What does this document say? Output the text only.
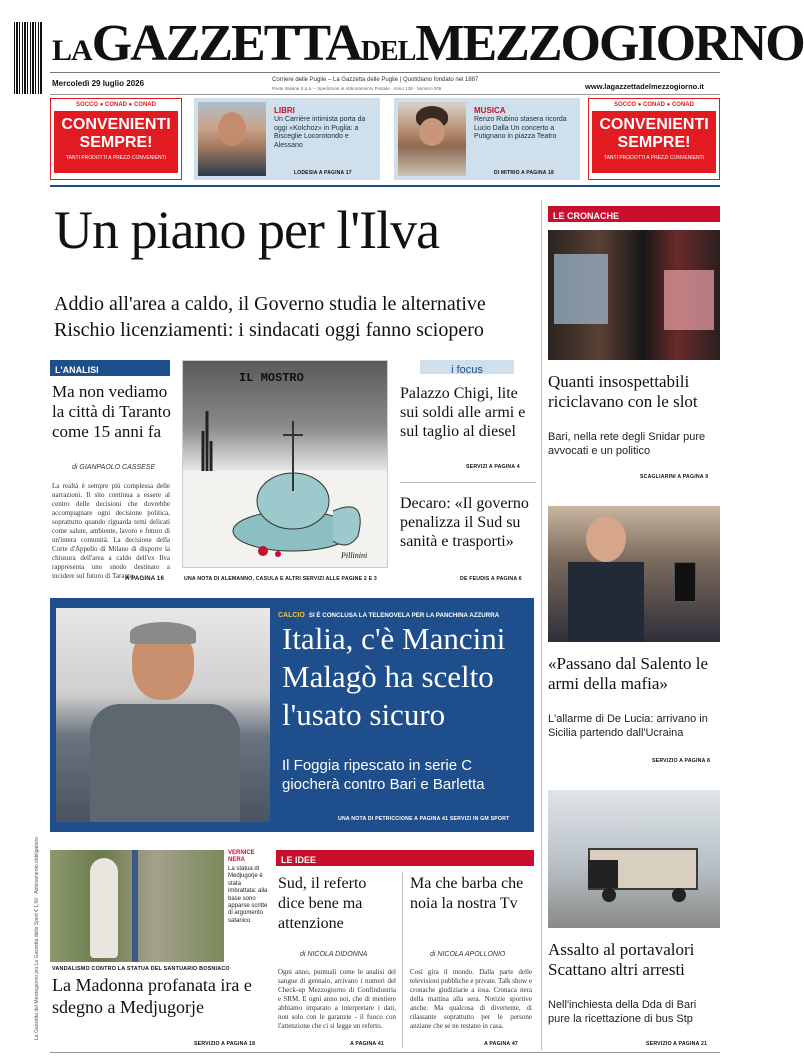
LAGAZZETTADELMEZZOGIORNO
Mercoledì 29 luglio 2026	Corriere delle Puglie – La Gazzetta delle Puglie | Quotidiano fondato nel 1887
Poste Italiane S.p.a. – Spedizione in Abbonamento Postale · Anno 139 · Numero 205	www.lagazzettadelmezzogiorno.it
SOCCO ● CONAD ● CONAD
CONVENIENTI
SEMPRE!
TANTI PRODOTTI A PREZZI CONVENIENTI
LIBRI
Un Carrière intimista porta da oggi «Kolchoz» in Puglia: a Bisceglie Locorotondo e Alessano
LODESIA A PAGINA 17
MUSICA
Renzo Rubino stasera ricorda Lucio Dalla Un concerto a Putignano in piazza Teatro
DI MITRIO A PAGINA 18
SOCCO ● CONAD ● CONAD
CONVENIENTI
SEMPRE!
TANTI PRODOTTI A PREZZI CONVENIENTI
Un piano per l'Ilva
Addio all'area a caldo, il Governo studia le alternative
Rischio licenziamenti: i sindacati oggi fanno sciopero
L'ANALISI
Ma non vediamo la città di Taranto come 15 anni fa
di GIANPAOLO CASSESE
La realtà è sempre più complessa delle narrazioni. Il sito continua a essere al centro delle decisioni che dovrebbe accompagnare ogni decisione politica, soprattutto quando riguarda temi delicati come salute, ambiente, lavoro e futuro di un'intera comunità. La decisione della Corte d'Appello di Milano di disporre la chiusura dell'area a caldo dell'ex Ilva rappresenta uno snodo destinato a incidere sul futuro di Taranto.
A PAGINA 16
IL MOSTRO
Pillinini
UNA NOTA DI ALEMANNO, CASULA E ALTRI SERVIZI ALLE PAGINE 2 E 3
i focus
Palazzo Chigi, lite sui soldi alle armi e sul taglio al diesel
SERVIZI A PAGINA 4
Decaro: «Il governo penalizza il Sud su sanità e trasporti»
DE FEUDIS A PAGINA 6
LE CRONACHE
Quanti insospettabili riciclavano con le slot
Bari, nella rete degli Snidar pure avvocati e un politico
SCAGLIARINI A PAGINA 9
«Passano dal Salento le armi della mafia»
L'allarme di De Lucia: arrivano in Sicilia partendo dall'Ucraina
SERVIZIO A PAGINA 8
Assalto al portavalori Scattano altri arresti
Nell'inchiesta della Dda di Bari pure la ricettazione di bus Stp
SERVIZIO A PAGINA 21
CALCIO SI È CONCLUSA LA TELENOVELA PER LA PANCHINA AZZURRA
Italia, c'è Mancini Malagò ha scelto l'usato sicuro
Il Foggia ripescato in serie C giocherà contro Bari e Barletta
UNA NOTA DI PETRICCIONE A PAGINA 41 SERVIZI IN GM SPORT
VERNICE NERA
La statua di Medjugorje è stata imbrattata: alla base sono apparse scritte di argomento satanico
VANDALISMO CONTRO LA STATUA DEL SANTUARIO BOSNIACO
La Madonna profanata ira e sdegno a Medjugorje
SERVIZIO A PAGINA 18
LE IDEE
Sud, il referto dice bene ma attenzione
di NICOLA DIDONNA
Ogni anno, puntuali come le analisi del sangue di gennaio, arrivano i numeri del Check-up Mezzogiorno di Confindustria e SRM. E ogni anno noi, che di mestiere abbiamo imparato a interpretare i dati, non solo con le garanzie - il fuoco con l'attenzione che ci si legge un referto.
A PAGINA 41
Ma che barba che noia la nostra Tv
di NICOLA APOLLONIO
Così gira il mondo. Dalla parte delle televisioni pubbliche e private. Talk show e cronache giudiziarie a iosa. Cronaca nera della mattina alla sera. Notizie sportive anche. Ma qualcosa di divertente, di rilassante soprattutto per le persone anziane che se ne restano in casa.
A PAGINA 47
La Gazzetta del Mezzogiorno più La Gazzetta dello Sport € 1,50 · Abbinamento obbligatorio
